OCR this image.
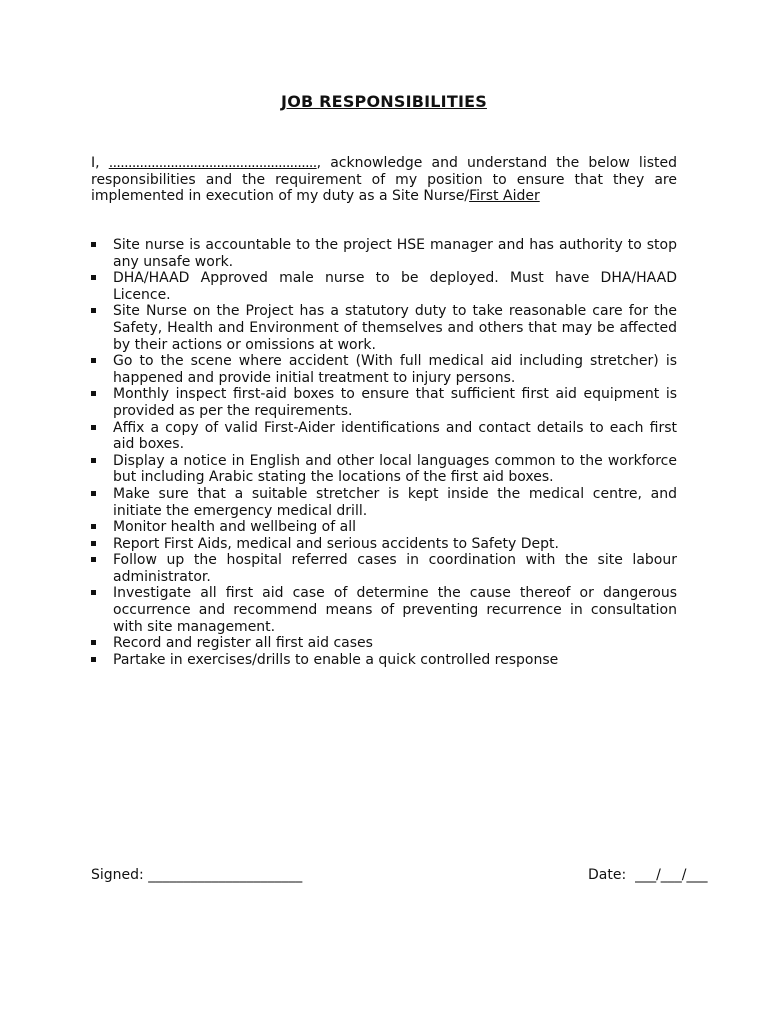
JOB RESPONSIBILITIES

I, ......................................................, acknowledge and understand the below listed responsibilities and the requirement of my position to ensure that they are implemented in execution of my duty as a Site Nurse/First Aider

Site nurse is accountable to the project HSE manager and has authority to stop any unsafe work.
DHA/HAAD Approved male nurse to be deployed. Must have DHA/HAAD Licence.
Site Nurse on the Project has a statutory duty to take reasonable care for the Safety, Health and Environment of themselves and others that may be affected by their actions or omissions at work.
Go to the scene where accident (With full medical aid including stretcher) is happened and provide initial treatment to injury persons.
Monthly inspect first-aid boxes to ensure that sufficient first aid equipment is provided as per the requirements.
Affix a copy of valid First-Aider identifications and contact details to each first aid boxes.
Display a notice in English and other local languages common to the workforce but including Arabic stating the locations of the first aid boxes.
Make sure that a suitable stretcher is kept inside the medical centre, and initiate the emergency medical drill.
Monitor health and wellbeing of all
Report First Aids, medical and serious accidents to Safety Dept.
Follow up the hospital referred cases in coordination with the site labour administrator.
Investigate all first aid case of determine the cause thereof or dangerous occurrence and recommend means of preventing recurrence in consultation with site management.
Record and register all first aid cases
Partake in exercises/drills to enable a quick controlled response
Signed: ______________________	Date:  ___/___/___
